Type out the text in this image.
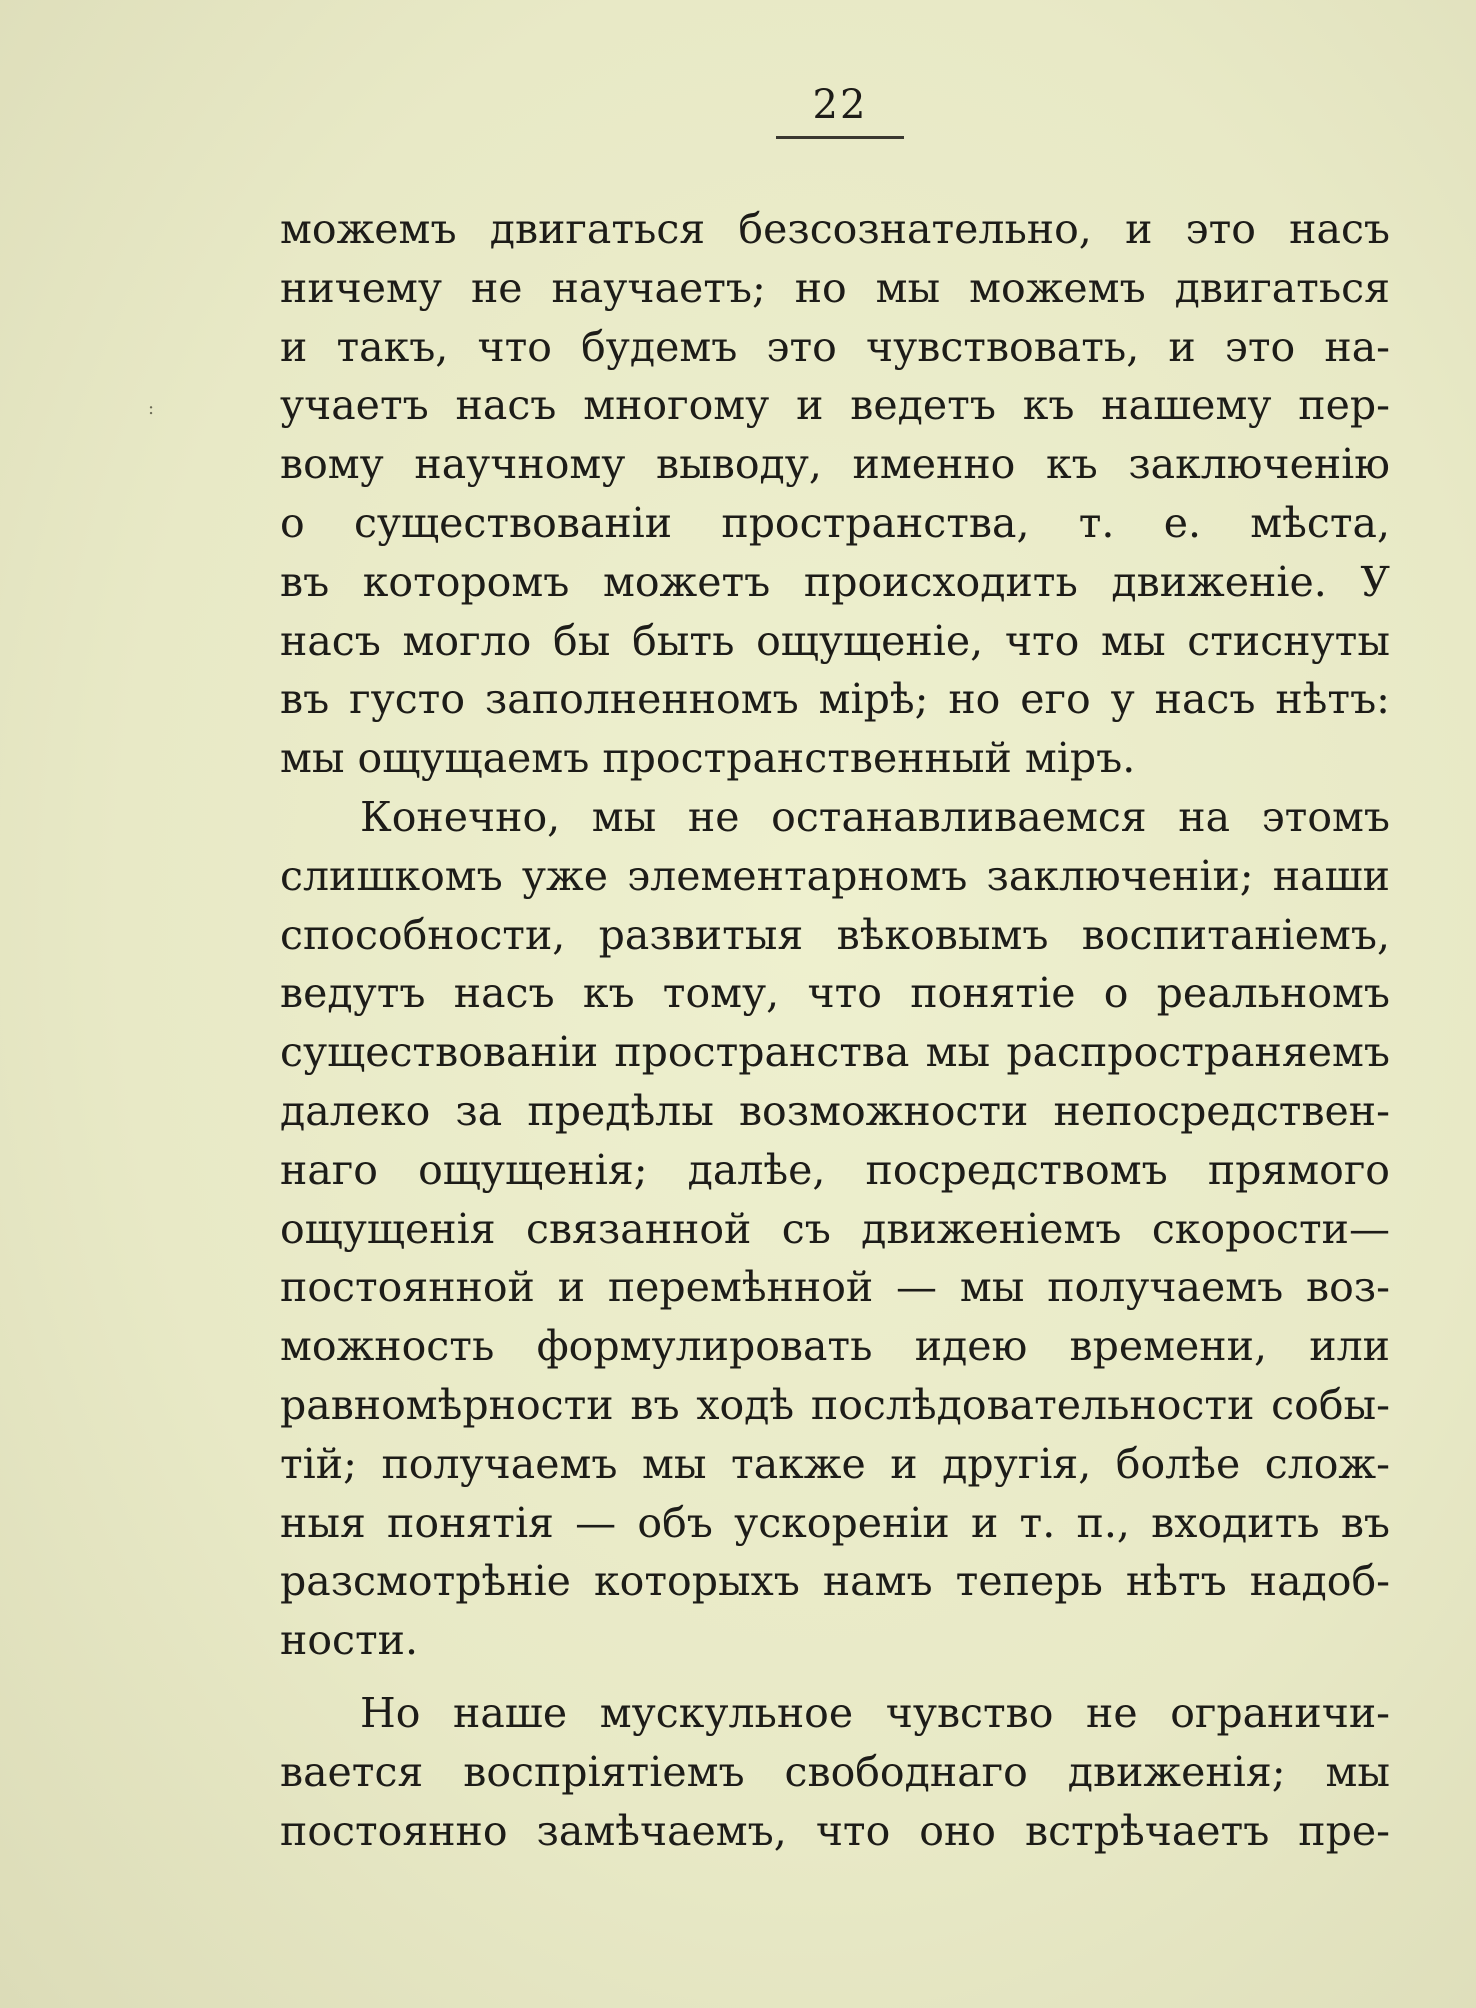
22
:
можемъ двигаться безсознательно, и это насъ
ничему не научаетъ; но мы можемъ двигаться
и такъ, что будемъ это чувствовать, и это на-
учаетъ насъ многому и ведетъ къ нашему пер-
вому научному выводу, именно къ заключенію
о существованіи пространства, т. е. мѣста,
въ которомъ можетъ происходить движеніе. У
насъ могло бы быть ощущеніе, что мы стиснуты
въ густо заполненномъ мірѣ; но его у насъ нѣтъ:
мы ощущаемъ пространственный міръ.
Конечно, мы не останавливаемся на этомъ
слишкомъ уже элементарномъ заключеніи; наши
способности, развитыя вѣковымъ воспитаніемъ,
ведутъ насъ къ тому, что понятіе о реальномъ
существованіи пространства мы распространяемъ
далеко за предѣлы возможности непосредствен-
наго ощущенія; далѣе, посредствомъ прямого
ощущенія связанной съ движеніемъ скорости—
постоянной и перемѣнной — мы получаемъ воз-
можность формулировать идею времени, или
равномѣрности въ ходѣ послѣдовательности собы-
тій; получаемъ мы также и другія, болѣе слож-
ныя понятія — объ ускореніи и т. п., входить въ
разсмотрѣніе которыхъ намъ теперь нѣтъ надоб-
ности.
Но наше мускульное чувство не ограничи-
вается воспріятіемъ свободнаго движенія; мы
постоянно замѣчаемъ, что оно встрѣчаетъ пре-
